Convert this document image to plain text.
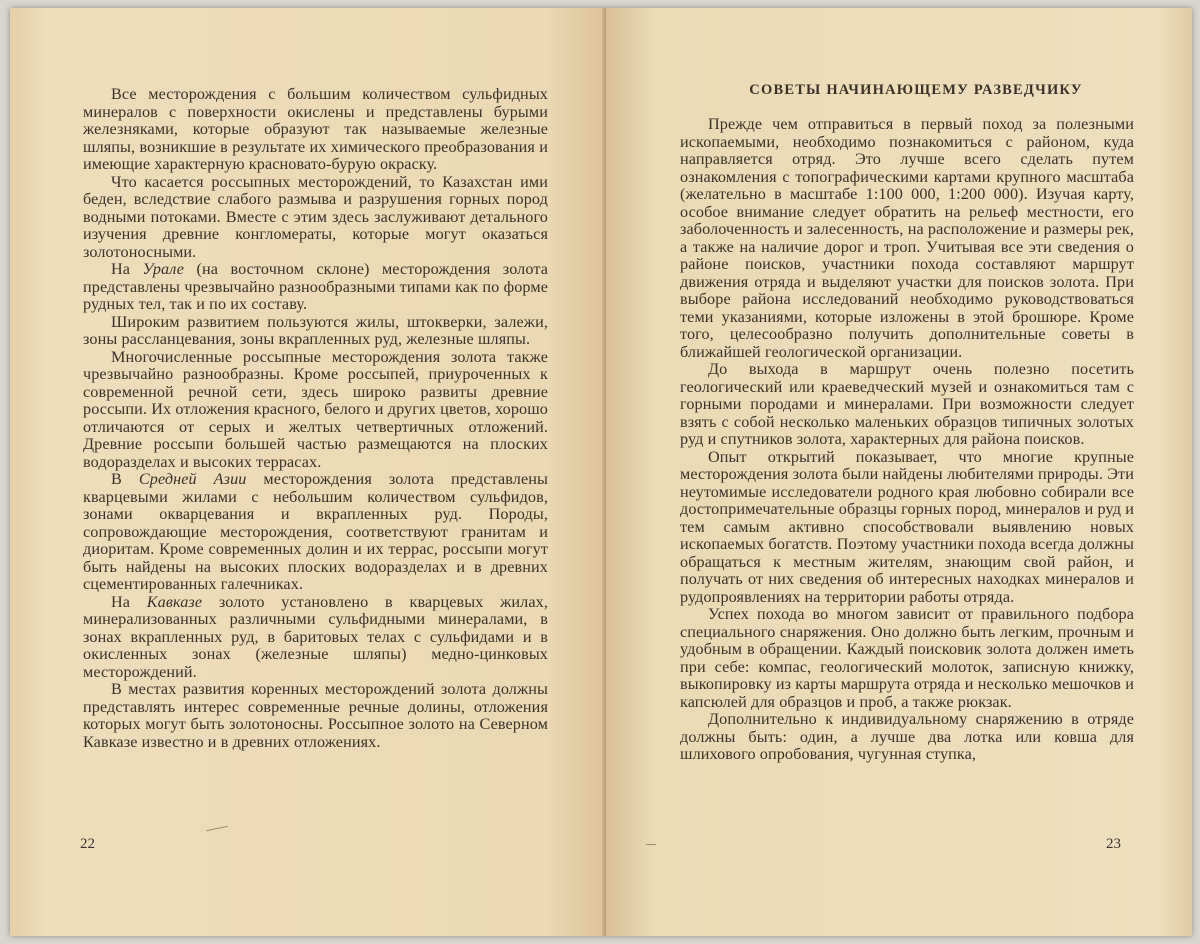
Все месторождения с большим количеством сульфидных минералов с поверхности окислены и представлены бурыми железняками, которые образуют так называемые железные шляпы, возникшие в результате их химического преобразования и имеющие характерную красновато-бурую окраску.

Что касается россыпных месторождений, то Казахстан ими беден, вследствие слабого размыва и разрушения горных пород водными потоками. Вместе с этим здесь заслуживают детального изучения древние конгломераты, которые могут оказаться золотоносными.

На Урале (на восточном склоне) месторождения золота представлены чрезвычайно разнообразными типами как по форме рудных тел, так и по их составу.

Широким развитием пользуются жилы, штокверки, залежи, зоны рассланцевания, зоны вкрапленных руд, железные шляпы.

Многочисленные россыпные месторождения золота также чрезвычайно разнообразны. Кроме россыпей, приуроченных к современной речной сети, здесь широко развиты древние россыпи. Их отложения красного, белого и других цветов, хорошо отличаются от серых и желтых четвертичных отложений. Древние россыпи большей частью размещаются на плоских водоразделах и высоких террасах.

В Средней Азии месторождения золота представлены кварцевыми жилами с небольшим количеством сульфидов, зонами окварцевания и вкрапленных руд. Породы, сопровождающие месторождения, соответствуют гранитам и диоритам. Кроме современных долин и их террас, россыпи могут быть найдены на высоких плоских водоразделах и в древних сцементированных галечниках.

На Кавказе золото установлено в кварцевых жилах, минерализованных различными сульфидными минералами, в зонах вкрапленных руд, в баритовых телах с сульфидами и в окисленных зонах (железные шляпы) медно-цинковых месторождений.

В местах развития коренных месторождений золота должны представлять интерес современные речные долины, отложения которых могут быть золотоносны. Россыпное золото на Северном Кавказе известно и в древних отложениях.

22
СОВЕТЫ НАЧИНАЮЩЕМУ РАЗВЕДЧИКУ

Прежде чем отправиться в первый поход за полезными ископаемыми, необходимо познакомиться с районом, куда направляется отряд. Это лучше всего сделать путем ознакомления с топографическими картами крупного масштаба (желательно в масштабе 1:100 000, 1:200 000). Изучая карту, особое внимание следует обратить на рельеф местности, его заболоченность и залесенность, на расположение и размеры рек, а также на наличие дорог и троп. Учитывая все эти сведения о районе поисков, участники похода составляют маршрут движения отряда и выделяют участки для поисков золота. При выборе района исследований необходимо руководствоваться теми указаниями, которые изложены в этой брошюре. Кроме того, целесообразно получить дополнительные советы в ближайшей геологической организации.

До выхода в маршрут очень полезно посетить геологический или краеведческий музей и ознакомиться там с горными породами и минералами. При возможности следует взять с собой несколько маленьких образцов типичных золотых руд и спутников золота, характерных для района поисков.

Опыт открытий показывает, что многие крупные месторождения золота были найдены любителями природы. Эти неутомимые исследователи родного края любовно собирали все достопримечательные образцы горных пород, минералов и руд и тем самым активно способствовали выявлению новых ископаемых богатств. Поэтому участники похода всегда должны обращаться к местным жителям, знающим свой район, и получать от них сведения об интересных находках минералов и рудопроявлениях на территории работы отряда.

Успех похода во многом зависит от правильного подбора специального снаряжения. Оно должно быть легким, прочным и удобным в обращении. Каждый поисковик золота должен иметь при себе: компас, геологический молоток, записную книжку, выкопировку из карты маршрута отряда и несколько мешочков и капсюлей для образцов и проб, а также рюкзак.

Дополнительно к индивидуальному снаряжению в отряде должны быть: один, а лучше два лотка или ковша для шлихового опробования, чугунная ступка,

23
